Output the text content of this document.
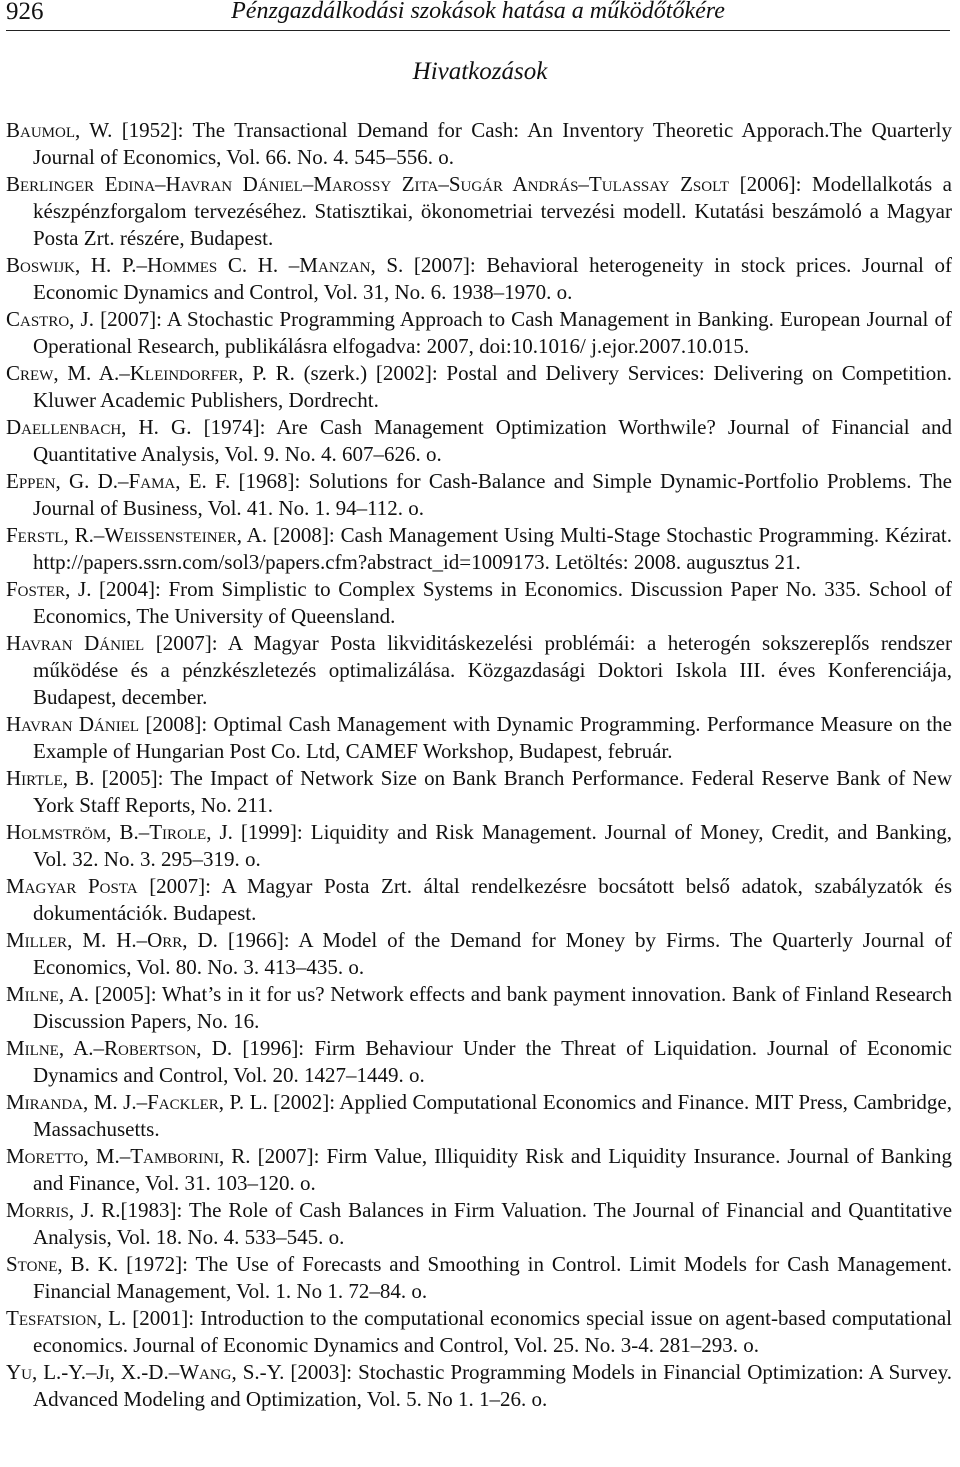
926	Pénzgazdálkodási szokások hatása a működőtőkére
Hivatkozások

Baumol, W. [1952]: The Transactional Demand for Cash: An Inventory Theoretic Apporach.The Quarterly Journal of Economics, Vol. 66. No. 4. 545–556. o.

Berlinger Edina–Havran Dániel–Marossy Zita–Sugár András–Tulassay Zsolt [2006]: Modellalkotás a készpénzforgalom tervezéséhez. Statisztikai, ökonometriai tervezési modell. Kutatási beszámoló a Magyar Posta Zrt. részére, Budapest.

Boswijk, H. P.–Hommes C. H. –Manzan, S. [2007]: Behavioral heterogeneity in stock prices. Journal of Economic Dynamics and Control, Vol. 31, No. 6. 1938–1970. o.

Castro, J. [2007]: A Stochastic Programming Approach to Cash Management in Banking. European Journal of Operational Research, publikálásra elfogadva: 2007, doi:10.1016/ j.ejor.2007.10.015.

Crew, M. A.–Kleindorfer, P. R. (szerk.) [2002]: Postal and Delivery Services: Delivering on Competition. Kluwer Academic Publishers, Dordrecht.

Daellenbach, H. G. [1974]: Are Cash Management Optimization Worthwile? Journal of Financial and Quantitative Analysis, Vol. 9. No. 4. 607–626. o.

Eppen, G. D.–Fama, E. F. [1968]: Solutions for Cash-Balance and Simple Dynamic-Portfolio Problems. The Journal of Business, Vol. 41. No. 1. 94–112. o.

Ferstl, R.–Weissensteiner, A. [2008]: Cash Management Using Multi-Stage Stochastic Programming. Kézirat. http://papers.ssrn.com/sol3/papers.cfm?abstract_id=1009173. Letöltés: 2008. augusztus 21.

Foster, J. [2004]: From Simplistic to Complex Systems in Economics. Discussion Paper No. 335. School of Economics, The University of Queensland.

Havran Dániel [2007]: A Magyar Posta likviditáskezelési problémái: a heterogén sokszereplős rendszer működése és a pénzkészletezés optimalizálása. Közgazdasági Doktori Iskola III. éves Konferenciája, Budapest, december.

Havran Dániel [2008]: Optimal Cash Management with Dynamic Programming. Performance Measure on the Example of Hungarian Post Co. Ltd, CAMEF Workshop, Budapest, február.

Hirtle, B. [2005]: The Impact of Network Size on Bank Branch Performance. Federal Reserve Bank of New York Staff Reports, No. 211.

Holmström, B.–Tirole, J. [1999]: Liquidity and Risk Management. Journal of Money, Credit, and Banking, Vol. 32. No. 3. 295–319. o.

Magyar Posta [2007]: A Magyar Posta Zrt. által rendelkezésre bocsátott belső adatok, szabályzatók és dokumentációk. Budapest.

Miller, M. H.–Orr, D. [1966]: A Model of the Demand for Money by Firms. The Quarterly Journal of Economics, Vol. 80. No. 3. 413–435. o.

Milne, A. [2005]: What’s in it for us? Network effects and bank payment innovation. Bank of Finland Research Discussion Papers, No. 16.

Milne, A.–Robertson, D. [1996]: Firm Behaviour Under the Threat of Liquidation. Journal of Economic Dynamics and Control, Vol. 20. 1427–1449. o.

Miranda, M. J.–Fackler, P. L. [2002]: Applied Computational Economics and Finance. MIT Press, Cambridge, Massachusetts.

Moretto, M.–Tamborini, R. [2007]: Firm Value, Illiquidity Risk and Liquidity Insurance. Journal of Banking and Finance, Vol. 31. 103–120. o.

Morris, J. R.[1983]: The Role of Cash Balances in Firm Valuation. The Journal of Financial and Quantitative Analysis, Vol. 18. No. 4. 533–545. o.

Stone, B. K. [1972]: The Use of Forecasts and Smoothing in Control. Limit Models for Cash Management. Financial Management, Vol. 1. No 1. 72–84. o.

Tesfatsion, L. [2001]: Introduction to the computational economics special issue on agent-based computational economics. Journal of Economic Dynamics and Control, Vol. 25. No. 3-4. 281–293. o.

Yu, L.-Y.–Ji, X.-D.–Wang, S.-Y. [2003]: Stochastic Programming Models in Financial Optimization: A Survey. Advanced Modeling and Optimization, Vol. 5. No 1. 1–26. o.
